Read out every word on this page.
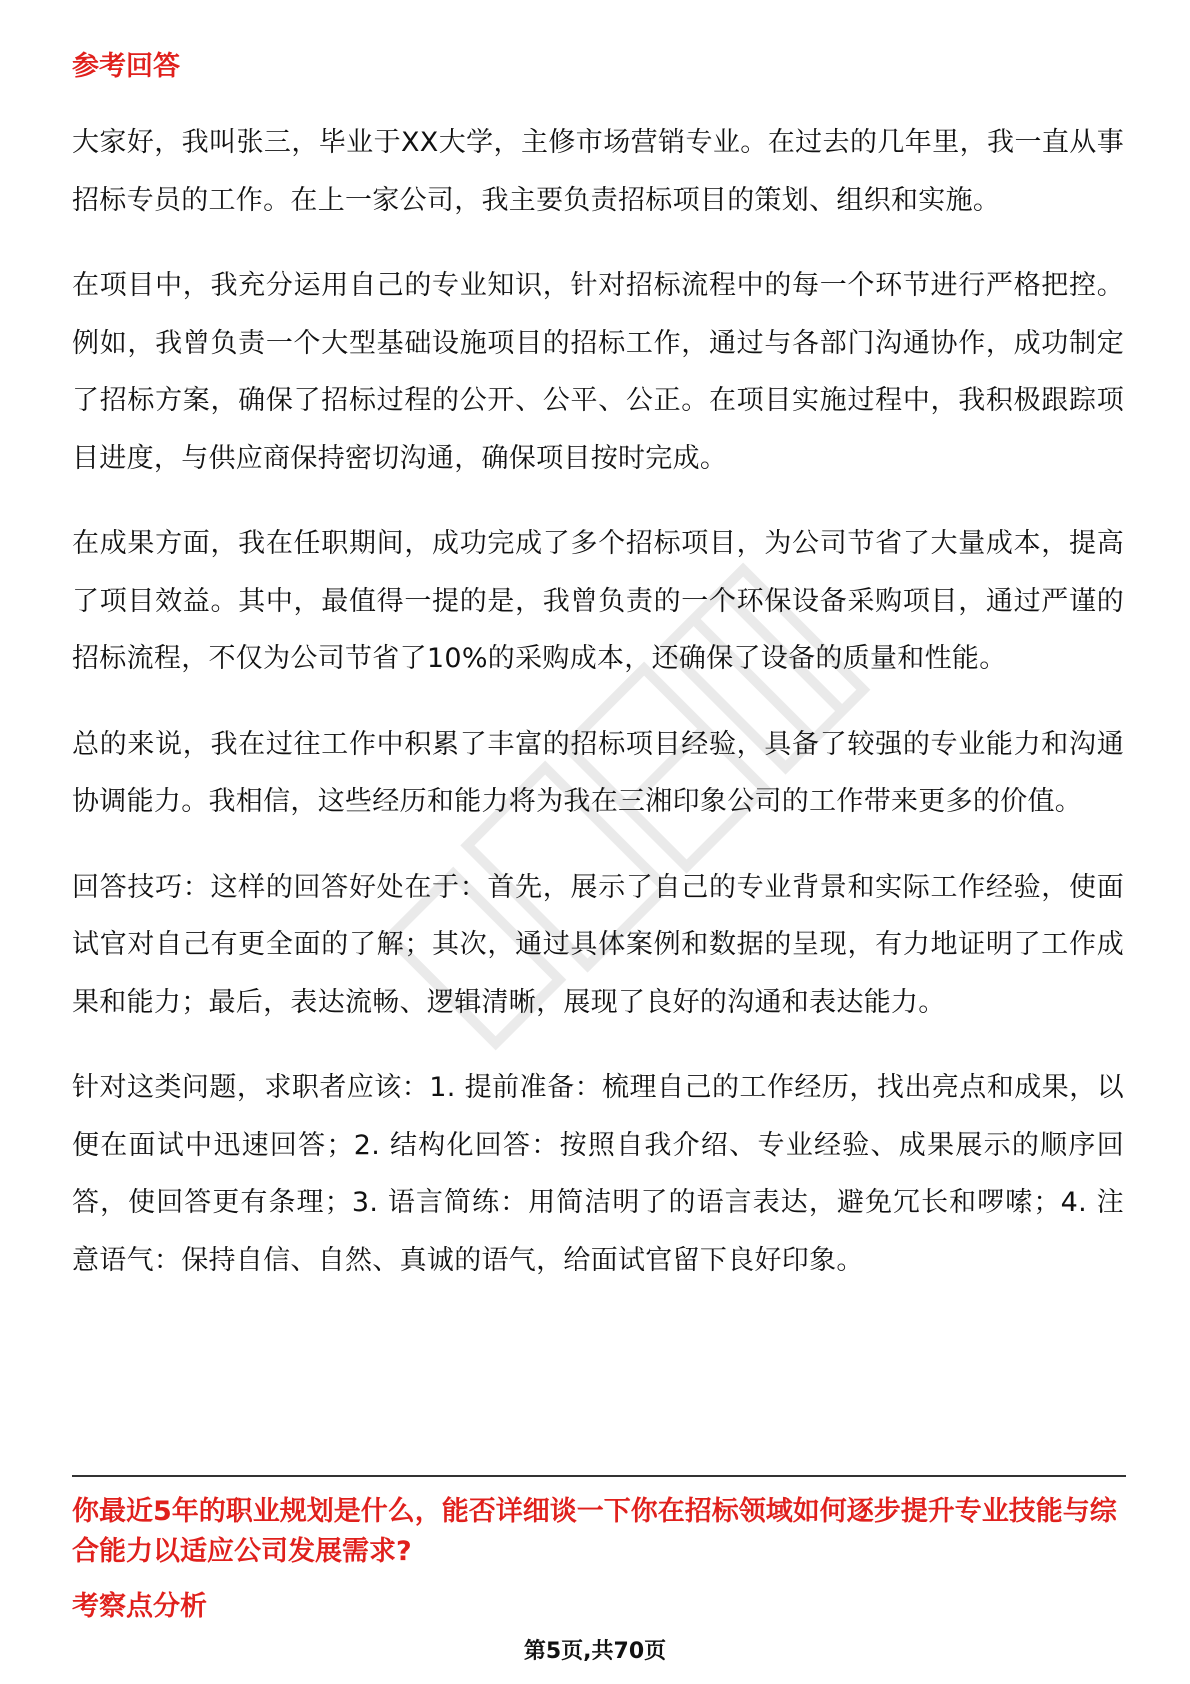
参考回答

大家好，我叫张三，毕业于XX大学，主修市场营销专业。在过去的几年里，我一直从事招标专员的工作。在上一家公司，我主要负责招标项目的策划、组织和实施。

在项目中，我充分运用自己的专业知识，针对招标流程中的每一个环节进行严格把控。例如，我曾负责一个大型基础设施项目的招标工作，通过与各部门沟通协作，成功制定了招标方案，确保了招标过程的公开、公平、公正。在项目实施过程中，我积极跟踪项目进度，与供应商保持密切沟通，确保项目按时完成。

在成果方面，我在任职期间，成功完成了多个招标项目，为公司节省了大量成本，提高了项目效益。其中，最值得一提的是，我曾负责的一个环保设备采购项目，通过严谨的招标流程，不仅为公司节省了10%的采购成本，还确保了设备的质量和性能。

总的来说，我在过往工作中积累了丰富的招标项目经验，具备了较强的专业能力和沟通协调能力。我相信，这些经历和能力将为我在三湘印象公司的工作带来更多的价值。

回答技巧：这样的回答好处在于：首先，展示了自己的专业背景和实际工作经验，使面试官对自己有更全面的了解；其次，通过具体案例和数据的呈现，有力地证明了工作成果和能力；最后，表达流畅、逻辑清晰，展现了良好的沟通和表达能力。

针对这类问题，求职者应该：1. 提前准备：梳理自己的工作经历，找出亮点和成果，以便在面试中迅速回答；2. 结构化回答：按照自我介绍、专业经验、成果展示的顺序回答，使回答更有条理；3. 语言简练：用简洁明了的语言表达，避免冗长和啰嗦；4. 注意语气：保持自信、自然、真诚的语气，给面试官留下良好印象。

你最近5年的职业规划是什么，能否详细谈一下你在招标领域如何逐步提升专业技能与综合能力以适应公司发展需求?
考察点分析
第5页,共70页
